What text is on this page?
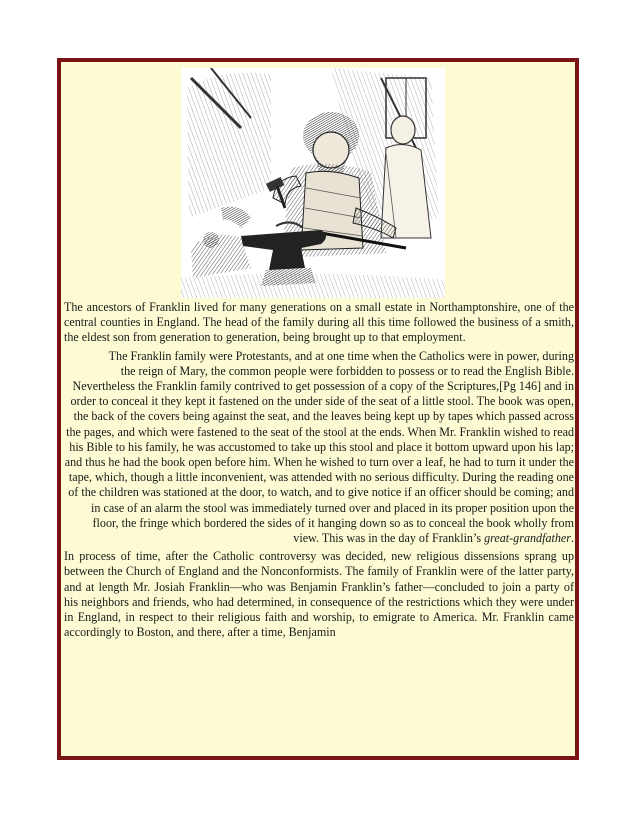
The ancestors of Franklin lived for many generations on a small estate in Northamptonshire, one of the central counties in England. The head of the family during all this time followed the business of a smith, the eldest son from generation to generation, being brought up to that employment.

The Franklin family were Protestants, and at one time when the Catholics were in power, during the reign of Mary, the common people were forbidden to possess or to read the English Bible. Nevertheless the Franklin family contrived to get possession of a copy of the Scriptures,[Pg 146] and in order to conceal it they kept it fastened on the under side of the seat of a little stool. The book was open, the back of the covers being against the seat, and the leaves being kept up by tapes which passed across the pages, and which were fastened to the seat of the stool at the ends. When Mr. Franklin wished to read his Bible to his family, he was accustomed to take up this stool and place it bottom upward upon his lap; and thus he had the book open before him. When he wished to turn over a leaf, he had to turn it under the tape, which, though a little inconvenient, was attended with no serious difficulty. During the reading one of the children was stationed at the door, to watch, and to give notice if an officer should be coming; and in case of an alarm the stool was immediately turned over and placed in its proper position upon the floor, the fringe which bordered the sides of it hanging down so as to conceal the book wholly from view. This was in the day of Franklin’s great-grandfather.

In process of time, after the Catholic controversy was decided, new religious dissensions sprang up between the Church of England and the Nonconformists. The family of Franklin were of the latter party, and at length Mr. Josiah Franklin—who was Benjamin Franklin’s father—concluded to join a party of his neighbors and friends, who had determined, in consequence of the restrictions which they were under in England, in respect to their religious faith and worship, to emigrate to America. Mr. Franklin came accordingly to Boston, and there, after a time, Benjamin
